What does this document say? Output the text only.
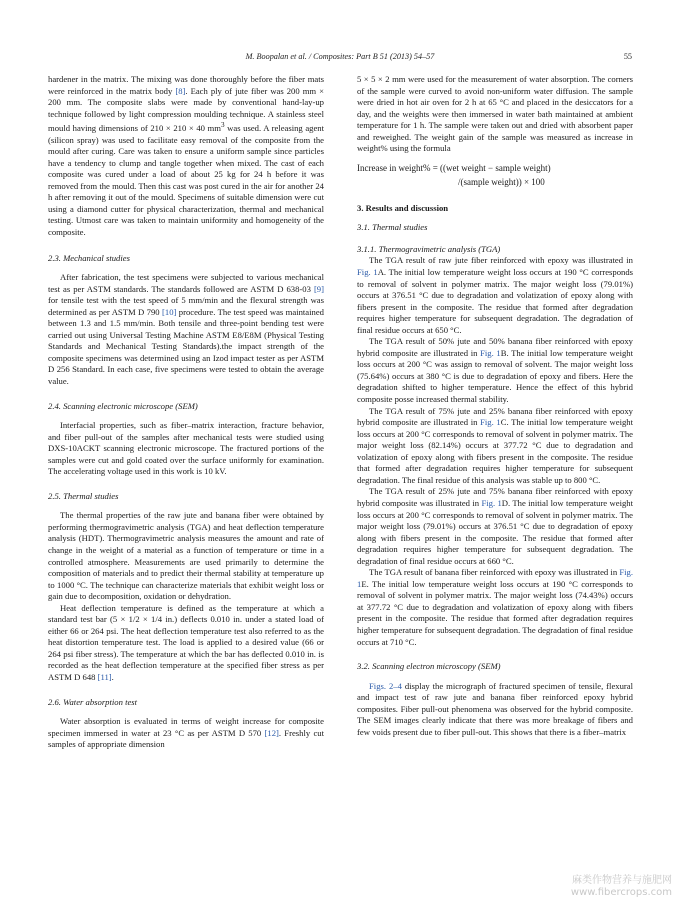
M. Boopalan et al. / Composites: Part B 51 (2013) 54–57	55

hardener in the matrix. The mixing was done thoroughly before the fiber mats were reinforced in the matrix body [8]. Each ply of jute fiber was 200 mm × 200 mm. The composite slabs were made by conventional hand-lay-up technique followed by light compression moulding technique. A stainless steel mould having dimensions of 210 × 210 × 40 $mm^3$ was used. A releasing agent (silicon spray) was used to facilitate easy removal of the composite from the mould after curing. Care was taken to ensure a uniform sample since particles have a tendency to clump and tangle together when mixed. The cast of each composite was cured under a load of about 25 kg for 24 h before it was removed from the mould. Then this cast was post cured in the air for another 24 h after removing it out of the mould. Specimens of suitable dimension were cut using a diamond cutter for physical characterization, thermal and mechanical testing. Utmost care was taken to maintain uniformity and homogeneity of the composite.

2.3. Mechanical studies

After fabrication, the test specimens were subjected to various mechanical test as per ASTM standards. The standards followed are ASTM D 638-03 [9] for tensile test with the test speed of 5 mm/min and the flexural strength was determined as per ASTM D 790 [10] procedure. The test speed was maintained between 1.3 and 1.5 mm/min. Both tensile and three-point bending test were carried out using Universal Testing Machine ASTM E8/E8M (Physical Testing Standards and Mechanical Testing Standards).the impact strength of the composite specimens was determined using an Izod impact tester as per ASTM D 256 Standard. In each case, five specimens were tested to obtain the average value.

2.4. Scanning electronic microscope (SEM)

Interfacial properties, such as fiber–matrix interaction, fracture behavior, and fiber pull-out of the samples after mechanical tests were studied using DXS-10ACKT scanning electronic microscope. The fractured portions of the samples were cut and gold coated over the surface uniformly for examination. The accelerating voltage used in this work is 10 kV.

2.5. Thermal studies

The thermal properties of the raw jute and banana fiber were obtained by performing thermogravimetric analysis (TGA) and heat deflection temperature analysis (HDT). Thermogravimetric analysis measures the amount and rate of change in the weight of a material as a function of temperature or time in a controlled atmosphere. Measurements are used primarily to determine the composition of materials and to predict their thermal stability at temperature up to 1000 °C. The technique can characterize materials that exhibit weight loss or gain due to decomposition, oxidation or dehydration.

Heat deflection temperature is defined as the temperature at which a standard test bar (5 × 1/2 × 1/4 in.) deflects 0.010 in. under a stated load of either 66 or 264 psi. The heat deflection temperature test also referred to as the heat distortion temperature test. The load is applied to a desired value (66 or 264 psi fiber stress). The temperature at which the bar has deflected 0.010 in. is recorded as the heat deflection temperature at the specified fiber stress as per ASTM D 648 [11].

2.6. Water absorption test

Water absorption is evaluated in terms of weight increase for composite specimen immersed in water at 23 °C as per ASTM D 570 [12]. Freshly cut samples of appropriate dimension

5 × 5 × 2 mm were used for the measurement of water absorption. The corners of the sample were curved to avoid non-uniform water diffusion. The sample were dried in hot air oven for 2 h at 65 °C and placed in the desiccators for a day, and the weights were then immersed in water bath maintained at ambient temperature for 1 h. The sample were taken out and dried with absorbent paper and reweighed. The weight gain of the sample was measured as increase in weight% using the formula

Increase in weight% = ((wet weight − sample weight)
/(sample weight)) × 100
3. Results and discussion
3.1. Thermal studies
3.1.1. Thermogravimetric analysis (TGA)

The TGA result of raw jute fiber reinforced with epoxy was illustrated in Fig. 1A. The initial low temperature weight loss occurs at 190 °C corresponds to removal of solvent in polymer matrix. The major weight loss (79.01%) occurs at 376.51 °C due to degradation and volatization of epoxy along with fibers present in the composite. The residue that formed after degradation requires higher temperature for subsequent degradation. The degradation of final residue occurs at 650 °C.

The TGA result of 50% jute and 50% banana fiber reinforced with epoxy hybrid composite are illustrated in Fig. 1B. The initial low temperature weight loss occurs at 200 °C was assign to removal of solvent. The major weight loss (75.64%) occurs at 380 °C is due to degradation of epoxy and fibers. Here the degradation shifted to higher temperature. Hence the effect of this hybrid composite posse increased thermal stability.

The TGA result of 75% jute and 25% banana fiber reinforced with epoxy hybrid composite are illustrated in Fig. 1C. The initial low temperature weight loss occurs at 200 °C corresponds to removal of solvent in polymer matrix. The major weight loss (82.14%) occurs at 377.72 °C due to degradation and volatization of epoxy along with fibers present in the composite. The residue that formed after degradation requires higher temperature for subsequent degradation. The final residue of this analysis was stable up to 800 °C.

The TGA result of 25% jute and 75% banana fiber reinforced with epoxy hybrid composite was illustrated in Fig. 1D. The initial low temperature weight loss occurs at 200 °C corresponds to removal of solvent in polymer matrix. The major weight loss (79.01%) occurs at 376.51 °C due to degradation of epoxy along with fibers present in the composite. The residue that formed after degradation requires higher temperature for subsequent degradation. The degradation of final residue occurs at 660 °C.

The TGA result of banana fiber reinforced with epoxy was illustrated in Fig. 1E. The initial low temperature weight loss occurs at 190 °C corresponds to removal of solvent in polymer matrix. The major weight loss (74.43%) occurs at 377.72 °C due to degradation and volatization of epoxy along with fibers present in the composite. The residue that formed after degradation requires higher temperature for subsequent degradation. The degradation of final residue occurs at 710 °C.

3.2. Scanning electron microscopy (SEM)

Figs. 2–4 display the micrograph of fractured specimen of tensile, flexural and impact test of raw jute and banana fiber reinforced epoxy hybrid composites. Fiber pull-out phenomena was observed for the hybrid composite. The SEM images clearly indicate that there was more breakage of fibers and few voids present due to fiber pull-out. This shows that there is a fiber–matrix

麻类作物营养与施肥网
www.fibercrops.com
